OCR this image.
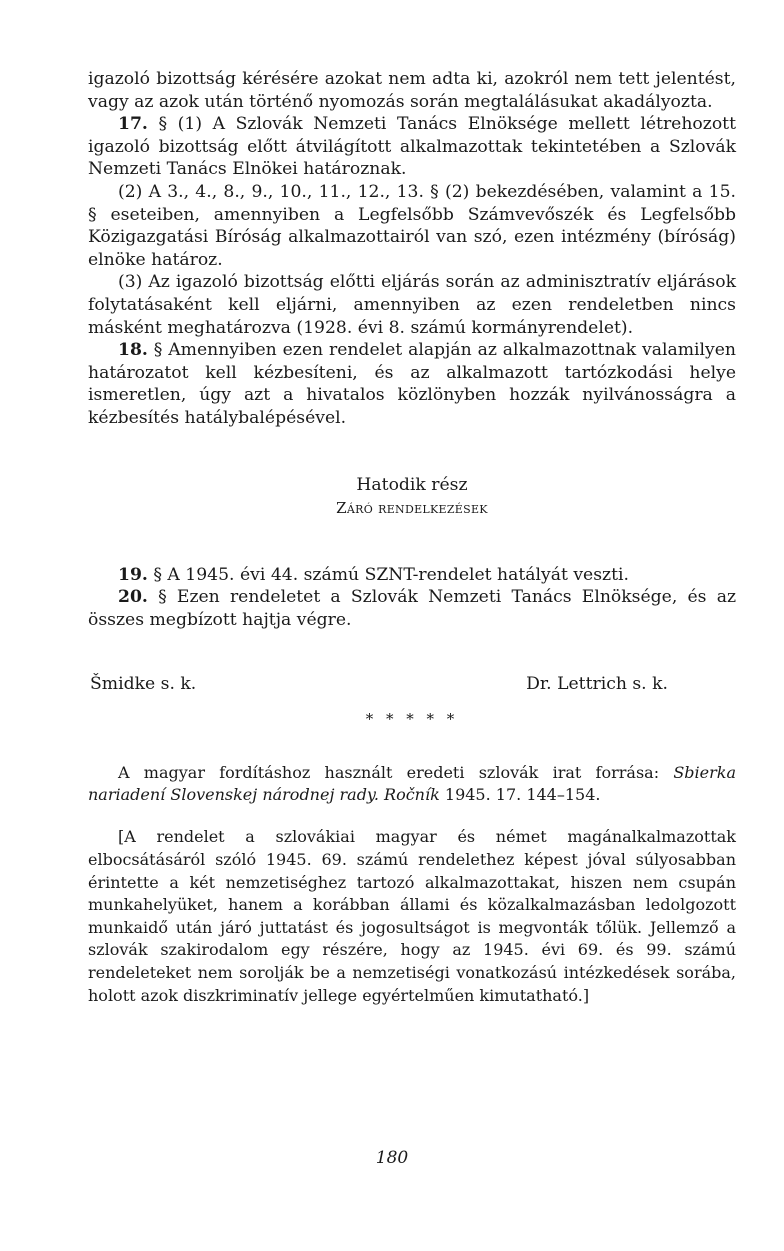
igazoló bizottság kérésére azokat nem adta ki, azokról nem tett jelentést, vagy az azok után történő nyomozás során megtalálásukat akadályozta.

17. § (1) A Szlovák Nemzeti Tanács Elnöksége mellett létrehozott igazoló bizottság előtt átvilágított alkalmazottak tekintetében a Szlovák Nemzeti Tanács Elnökei határoznak.

(2) A 3., 4., 8., 9., 10., 11., 12., 13. § (2) bekezdésében, valamint a 15. § eseteiben, amennyiben a Legfelsőbb Számvevőszék és Legfelsőbb Közigazgatási Bíróság alkalmazottairól van szó, ezen intézmény (bíróság) elnöke határoz.

(3) Az igazoló bizottság előtti eljárás során az adminisztratív eljárások folytatásaként kell eljárni, amennyiben az ezen rendeletben nincs másként meghatározva (1928. évi 8. számú kormányrendelet).

18. § Amennyiben ezen rendelet alapján az alkalmazottnak valamilyen határozatot kell kézbesíteni, és az alkalmazott tartózkodási helye ismeretlen, úgy azt a hivatalos közlönyben hozzák nyilvánosságra a kézbesítés hatálybalépésével.

Hatodik rész
Záró rendelkezések

19. § A 1945. évi 44. számú SZNT-rendelet hatályát veszti.

20. § Ezen rendeletet a Szlovák Nemzeti Tanács Elnöksége, és az összes megbízott hajtja végre.

Šmidke s. k.	Dr. Lettrich s. k.
* * * * *

A magyar fordításhoz használt eredeti szlovák irat forrása: Sbierka nariadení Slovenskej národnej rady. Ročník 1945. 17. 144–154.

[A rendelet a szlovákiai magyar és német magánalkalmazottak elbocsátásáról szóló 1945. 69. számú rendelethez képest jóval súlyosabban érintette a két nemzetiséghez tartozó alkalmazottakat, hiszen nem csupán munkahelyüket, hanem a korábban állami és közalkalmazásban ledolgozott munkaidő után járó juttatást és jogosultságot is megvonták tőlük. Jellemző a szlovák szakirodalom egy részére, hogy az 1945. évi 69. és 99. számú rendeleteket nem sorolják be a nemzetiségi vonatkozású intézkedések sorába, holott azok diszkriminatív jellege egyértelműen kimutatható.]

180
